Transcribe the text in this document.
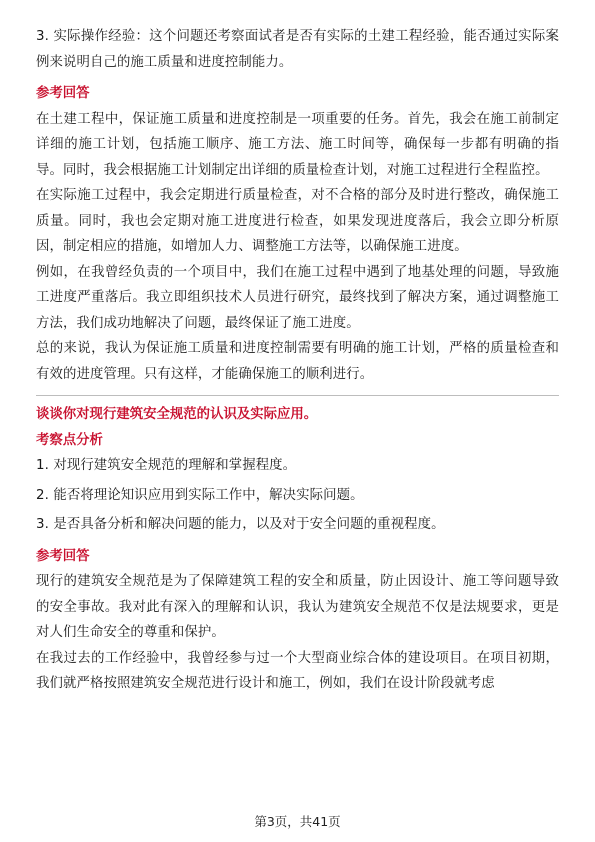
3. 实际操作经验：这个问题还考察面试者是否有实际的土建工程经验，能否通过实际案例来说明自己的施工质量和进度控制能力。

参考回答

在土建工程中，保证施工质量和进度控制是一项重要的任务。首先，我会在施工前制定详细的施工计划，包括施工顺序、施工方法、施工时间等，确保每一步都有明确的指导。同时，我会根据施工计划制定出详细的质量检查计划，对施工过程进行全程监控。

在实际施工过程中，我会定期进行质量检查，对不合格的部分及时进行整改，确保施工质量。同时，我也会定期对施工进度进行检查，如果发现进度落后，我会立即分析原因，制定相应的措施，如增加人力、调整施工方法等，以确保施工进度。

例如，在我曾经负责的一个项目中，我们在施工过程中遇到了地基处理的问题，导致施工进度严重落后。我立即组织技术人员进行研究，最终找到了解决方案，通过调整施工方法，我们成功地解决了问题，最终保证了施工进度。

总的来说，我认为保证施工质量和进度控制需要有明确的施工计划，严格的质量检查和有效的进度管理。只有这样，才能确保施工的顺利进行。

谈谈你对现行建筑安全规范的认识及实际应用。

考察点分析

1. 对现行建筑安全规范的理解和掌握程度。

2. 能否将理论知识应用到实际工作中，解决实际问题。

3. 是否具备分析和解决问题的能力，以及对于安全问题的重视程度。

参考回答

现行的建筑安全规范是为了保障建筑工程的安全和质量，防止因设计、施工等问题导致的安全事故。我对此有深入的理解和认识，我认为建筑安全规范不仅是法规要求，更是对人们生命安全的尊重和保护。

在我过去的工作经验中，我曾经参与过一个大型商业综合体的建设项目。在项目初期，我们就严格按照建筑安全规范进行设计和施工，例如，我们在设计阶段就考虑

第3页，共41页
